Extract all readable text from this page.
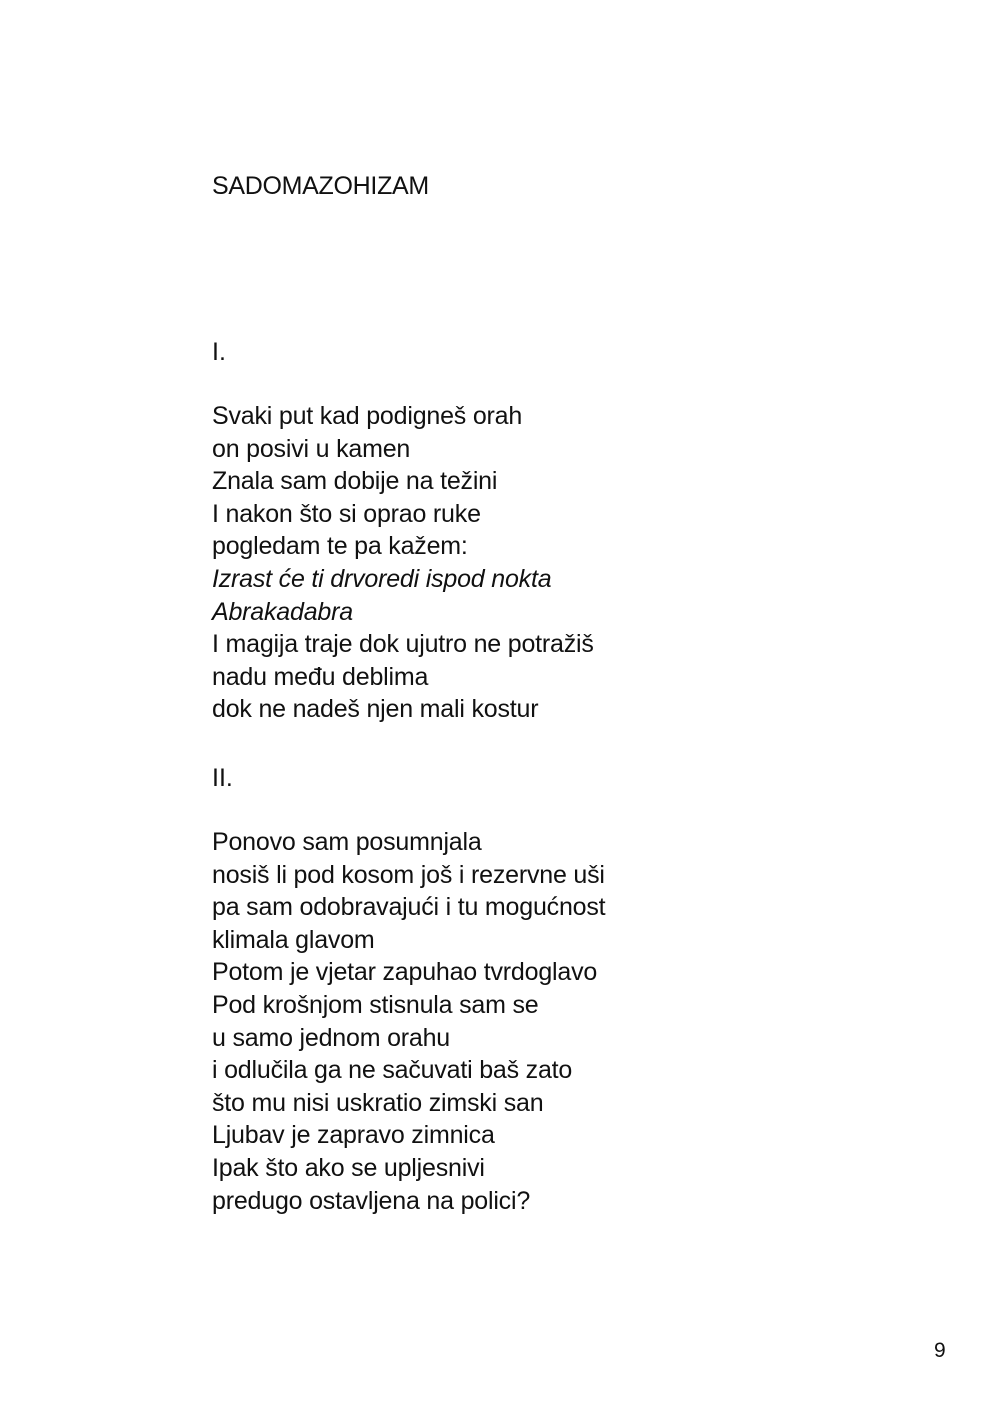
SADOMAZOHIZAM
I.
Svaki put kad podigneš orah
on posivi u kamen
Znala sam dobije na težini
I nakon što si oprao ruke
pogledam te pa kažem:
Izrast će ti drvoredi ispod nokta
Abrakadabra
I magija traje dok ujutro ne potražiš
nadu među deblima
dok ne nadeš njen mali kostur
II.
Ponovo sam posumnjala
nosiš li pod kosom još i rezervne uši
pa sam odobravajući i tu mogućnost
klimala glavom
Potom je vjetar zapuhao tvrdoglavo
Pod krošnjom stisnula sam se
u samo jednom orahu
i odlučila ga ne sačuvati baš zato
što mu nisi uskratio zimski san
Ljubav je zapravo zimnica
Ipak što ako se upljesnivi
predugo ostavljena na polici?
9
